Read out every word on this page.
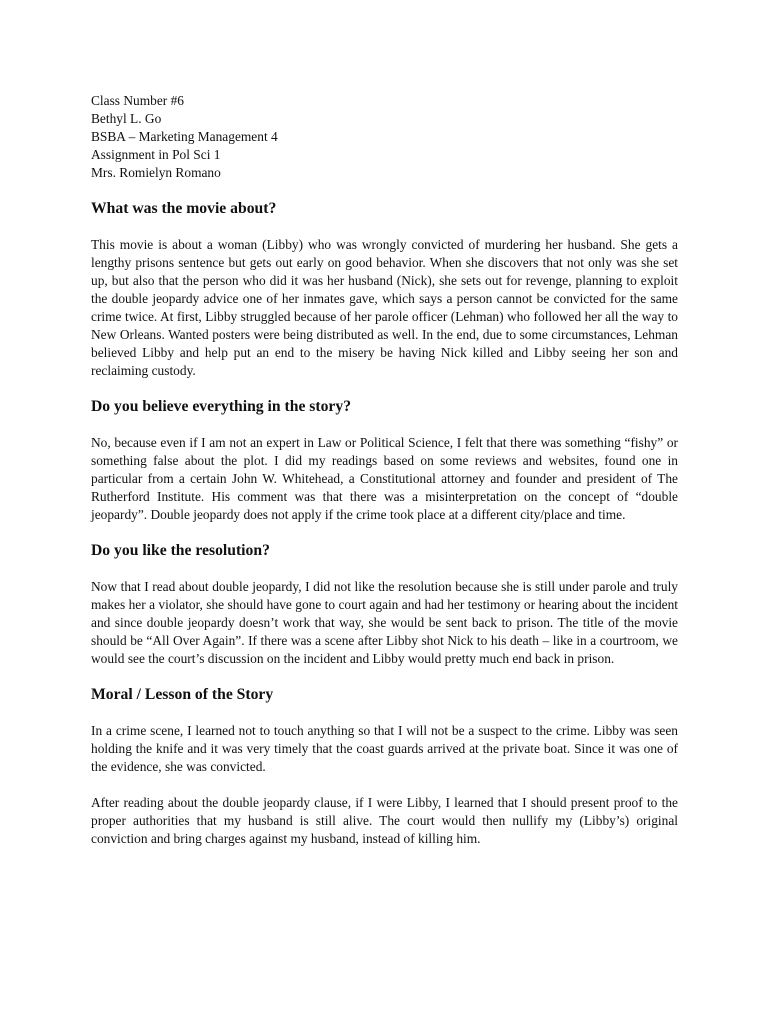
Class Number #6
Bethyl L. Go
BSBA – Marketing Management 4
Assignment in Pol Sci 1
Mrs. Romielyn Romano
What was the movie about?

This movie is about a woman (Libby) who was wrongly convicted of murdering her husband. She gets a lengthy prisons sentence but gets out early on good behavior. When she discovers that not only was she set up, but also that the person who did it was her husband (Nick), she sets out for revenge, planning to exploit the double jeopardy advice one of her inmates gave, which says a person cannot be convicted for the same crime twice. At first, Libby struggled because of her parole officer (Lehman) who followed her all the way to New Orleans. Wanted posters were being distributed as well. In the end, due to some circumstances, Lehman believed Libby and help put an end to the misery be having Nick killed and Libby seeing her son and reclaiming custody.

Do you believe everything in the story?

No, because even if I am not an expert in Law or Political Science, I felt that there was something “fishy” or something false about the plot. I did my readings based on some reviews and websites, found one in particular from a certain John W. Whitehead, a Constitutional attorney and founder and president of The Rutherford Institute. His comment was that there was a misinterpretation on the concept of “double jeopardy”. Double jeopardy does not apply if the crime took place at a different city/place and time.

Do you like the resolution?

Now that I read about double jeopardy, I did not like the resolution because she is still under parole and truly makes her a violator, she should have gone to court again and had her testimony or hearing about the incident and since double jeopardy doesn’t work that way, she would be sent back to prison. The title of the movie should be “All Over Again”. If there was a scene after Libby shot Nick to his death – like in a courtroom, we would see the court’s discussion on the incident and Libby would pretty much end back in prison.

Moral / Lesson of the Story

In a crime scene, I learned not to touch anything so that I will not be a suspect to the crime. Libby was seen holding the knife and it was very timely that the coast guards arrived at the private boat. Since it was one of the evidence, she was convicted.

After reading about the double jeopardy clause, if I were Libby, I learned that I should present proof to the proper authorities that my husband is still alive. The court would then nullify my (Libby’s) original conviction and bring charges against my husband, instead of killing him.
